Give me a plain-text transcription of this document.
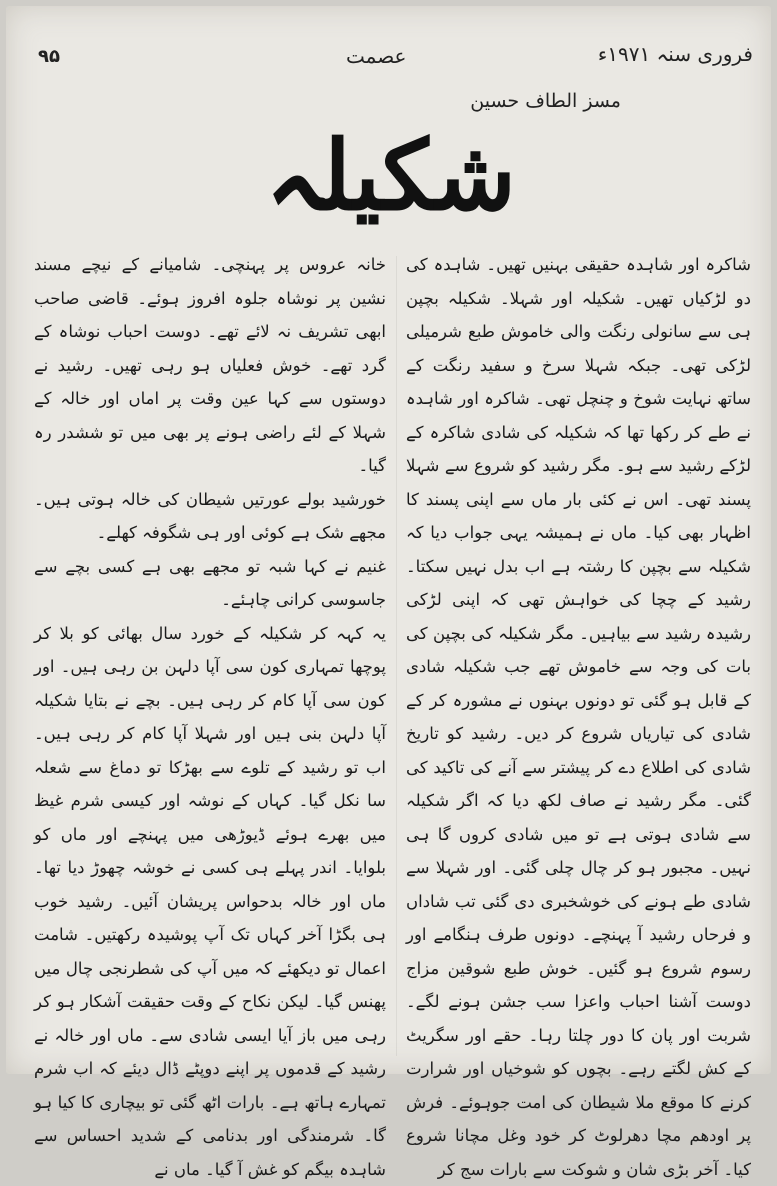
۹۵	عصمت	فروری سنہ ۱۹۷۱ء
مسز الطاف حسین
شکیلہ

شاکرہ اور شاہدہ حقیقی بہنیں تھیں۔ شاہدہ کی دو لڑکیاں تھیں۔ شکیلہ اور شہلا۔ شکیلہ بچپن ہی سے سانولی رنگت والی خاموش طبع شرمیلی لڑکی تھی۔ جبکہ شہلا سرخ و سفید رنگت کے ساتھ نہایت شوخ و چنچل تھی۔ شاکرہ اور شاہدہ نے طے کر رکھا تھا کہ شکیلہ کی شادی شاکرہ کے لڑکے رشید سے ہو۔ مگر رشید کو شروع سے شہلا پسند تھی۔ اس نے کئی بار ماں سے اپنی پسند کا اظہار بھی کیا۔ ماں نے ہمیشہ یہی جواب دیا کہ شکیلہ سے بچپن کا رشتہ ہے اب بدل نہیں سکتا۔ رشید کے چچا کی خواہش تھی کہ اپنی لڑکی رشیدہ رشید سے بیاہیں۔ مگر شکیلہ کی بچپن کی بات کی وجہ سے خاموش تھے جب شکیلہ شادی کے قابل ہو گئی تو دونوں بہنوں نے مشورہ کر کے شادی کی تیاریاں شروع کر دیں۔ رشید کو تاریخ شادی کی اطلاع دے کر پیشتر سے آنے کی تاکید کی گئی۔ مگر رشید نے صاف لکھ دیا کہ اگر شکیلہ سے شادی ہوتی ہے تو میں شادی کروں گا ہی نہیں۔ مجبور ہو کر چال چلی گئی۔ اور شہلا سے شادی طے ہونے کی خوشخبری دی گئی تب شاداں و فرحاں رشید آ پہنچے۔ دونوں طرف ہنگامے اور رسوم شروع ہو گئیں۔ خوش طبع شوقین مزاج دوست آشنا احباب واعزا سب جشن ہونے لگے۔ شربت اور پان کا دور چلتا رہا۔ حقے اور سگریٹ کے کش لگتے رہے۔ بچوں کو شوخیاں اور شرارت کرنے کا موقع ملا شیطان کی امت جوہوئے۔ فرش پر اودھم مچا دھرلوٹ کر خود وغل مچانا شروع کیا۔ آخر بڑی شان و شوکت سے بارات سج کر

خانہ عروس پر پہنچی۔ شامیانے کے نیچے مسند نشین پر نوشاہ جلوہ افروز ہوئے۔ قاضی صاحب ابھی تشریف نہ لائے تھے۔ دوست احباب نوشاہ کے گرد تھے۔ خوش فعلیاں ہو رہی تھیں۔ رشید نے دوستوں سے کہا عین وقت پر اماں اور خالہ کے شہلا کے لئے راضی ہونے پر بھی میں تو ششدر رہ گیا۔

خورشید بولے عورتیں شیطان کی خالہ ہوتی ہیں۔ مجھے شک ہے کوئی اور ہی شگوفہ کھلے۔

غنیم نے کہا شبہ تو مجھے بھی ہے کسی بچے سے جاسوسی کرانی چاہئے۔

یہ کہہ کر شکیلہ کے خورد سال بھائی کو بلا کر پوچھا تمہاری کون سی آپا دلہن بن رہی ہیں۔ اور کون سی آپا کام کر رہی ہیں۔ بچے نے بتایا شکیلہ آپا دلہن بنی ہیں اور شہلا آپا کام کر رہی ہیں۔ اب تو رشید کے تلوے سے بھڑکا تو دماغ سے شعلہ سا نکل گیا۔ کہاں کے نوشہ اور کیسی شرم غیظ میں بھرے ہوئے ڈیوڑھی میں پہنچے اور ماں کو بلوایا۔ اندر پہلے ہی کسی نے خوشہ چھوڑ دیا تھا۔ ماں اور خالہ بدحواس پریشان آئیں۔ رشید خوب ہی بگڑا آخر کہاں تک آپ پوشیدہ رکھتیں۔ شامت اعمال تو دیکھئے کہ میں آپ کی شطرنجی چال میں پھنس گیا۔ لیکن نکاح کے وقت حقیقت آشکار ہو کر رہی میں باز آیا ایسی شادی سے۔ ماں اور خالہ نے رشید کے قدموں پر اپنے دوپٹے ڈال دیئے کہ اب شرم تمہارے ہاتھ ہے۔ بارات اٹھ گئی تو بیچاری کا کیا ہو گا۔ شرمندگی اور بدنامی کے شدید احساس سے شاہدہ بیگم کو غش آ گیا۔ ماں نے
